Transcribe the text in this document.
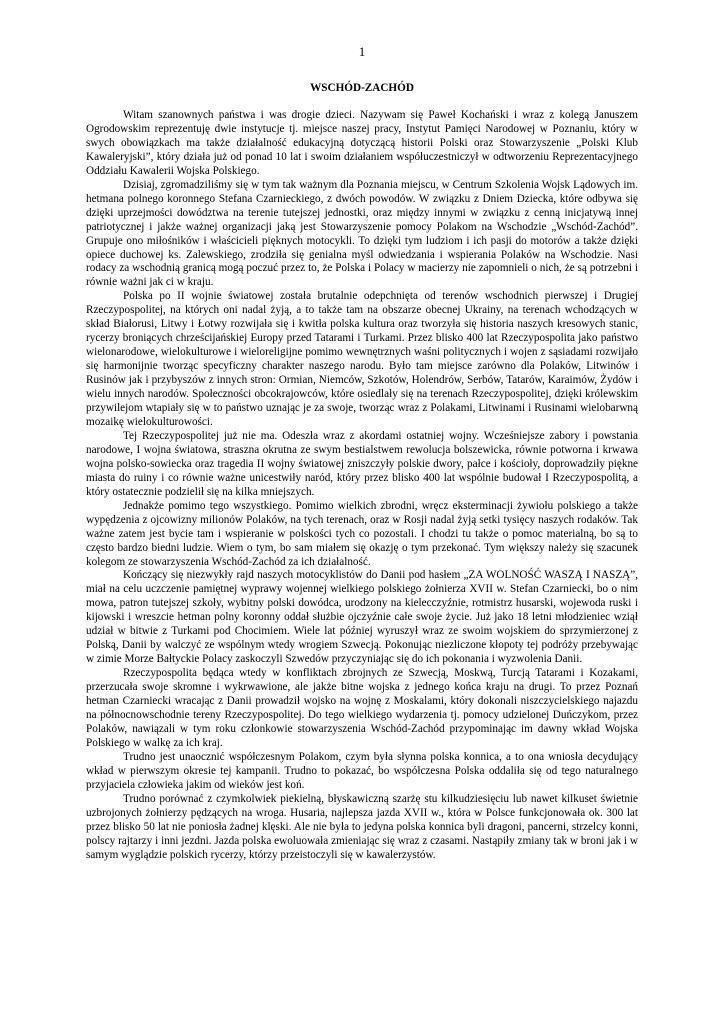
1
WSCHÓD-ZACHÓD

Witam szanownych państwa i was drogie dzieci. Nazywam się Paweł Kochański i wraz z kolegą Januszem Ogrodowskim reprezentuję dwie instytucje tj. miejsce naszej pracy, Instytut Pamięci Narodowej w Poznaniu, który w swych obowiązkach ma także działalność edukacyjną dotyczącą historii Polski oraz Stowarzyszenie „Polski Klub Kawaleryjski”, który działa już od ponad 10 lat i swoim działaniem współuczestniczył w odtworzeniu Reprezentacyjnego Oddziału Kawalerii Wojska Polskiego.

Dzisiaj, zgromadziliśmy się w tym tak ważnym dla Poznania miejscu, w Centrum Szkolenia Wojsk Lądowych im. hetmana polnego koronnego Stefana Czarnieckiego, z dwóch powodów. W związku z Dniem Dziecka, które odbywa się dzięki uprzejmości dowództwa na terenie tutejszej jednostki, oraz między innymi w związku z cenną inicjatywą innej patriotycznej i jakże ważnej organizacji jaką jest Stowarzyszenie pomocy Polakom na Wschodzie „Wschód-Zachód”. Grupuje ono miłośników i właścicieli pięknych motocykli. To dzięki tym ludziom i ich pasji do motorów a także dzięki opiece duchowej ks. Zalewskiego, zrodziła się genialna myśl odwiedzania i wspierania Polaków na Wschodzie. Nasi rodacy za wschodnią granicą mogą poczuć przez to, że Polska i Polacy w macierzy nie zapomnieli o nich, że są potrzebni i równie ważni jak ci w kraju.

Polska po II wojnie światowej została brutalnie odepchnięta od terenów wschodnich pierwszej i Drugiej Rzeczypospolitej, na których oni nadal żyją, a to także tam na obszarze obecnej Ukrainy, na terenach wchodzących w skład Białorusi, Litwy i Łotwy rozwijała się i kwitła polska kultura oraz tworzyła się historia naszych kresowych stanic, rycerzy broniących chrześcijańskiej Europy przed Tatarami i Turkami. Przez blisko 400 lat Rzeczypospolita jako państwo wielonarodowe, wielokulturowe i wieloreligijne pomimo wewnętrznych waśni politycznych i wojen z sąsiadami rozwijało się harmonijnie tworząc specyficzny charakter naszego narodu. Było tam miejsce zarówno dla Polaków, Litwinów i Rusinów jak i przybyszów z innych stron: Ormian, Niemców, Szkotów, Holendrów, Serbów, Tatarów, Karaimów, Żydów i wielu innych narodów. Społeczności obcokrajowców, które osiedlały się na terenach Rzeczypospolitej, dzięki królewskim przywilejom wtapiały się w to państwo uznając je za swoje, tworząc wraz z Polakami, Litwinami i Rusinami wielobarwną mozaikę wielokulturowości.

Tej Rzeczypospolitej już nie ma. Odeszła wraz z akordami ostatniej wojny. Wcześniejsze zabory i powstania narodowe, I wojna światowa, straszna okrutna ze swym bestialstwem rewolucja bolszewicka, równie potworna i krwawa wojna polsko-sowiecka oraz tragedia II wojny światowej zniszczyły polskie dwory, pałce i kościoły, doprowadziły piękne miasta do ruiny i co równie ważne unicestwiły naród, który przez blisko 400 lat wspólnie budował I Rzeczypospolitą, a który ostatecznie podzielił się na kilka mniejszych.

Jednakże pomimo tego wszystkiego. Pomimo wielkich zbrodni, wręcz eksterminacji żywiołu polskiego a także wypędzenia z ojcowizny milionów Polaków, na tych terenach, oraz w Rosji nadal żyją setki tysięcy naszych rodaków. Tak ważne zatem jest bycie tam i wspieranie w polskości tych co pozostali. I chodzi tu także o pomoc materialną, bo są to często bardzo biedni ludzie. Wiem o tym, bo sam miałem się okazję o tym przekonać. Tym większy należy się szacunek kolegom ze stowarzyszenia Wschód-Zachód za ich działalność.

Kończący się niezwykły rajd naszych motocyklistów do Danii pod hasłem „ZA WOLNOŚĆ WASZĄ I NASZĄ”, miał na celu uczczenie pamiętnej wyprawy wojennej wielkiego polskiego żołnierza XVII w. Stefan Czarniecki, bo o nim mowa, patron tutejszej szkoły, wybitny polski dowódca, urodzony na kielecczyźnie, rotmistrz husarski, wojewoda ruski i kijowski i wreszcie hetman polny koronny oddał służbie ojczyźnie całe swoje życie. Już jako 18 letni młodzieniec wziął udział w bitwie z Turkami pod Chocimiem. Wiele lat później wyruszył wraz ze swoim wojskiem do sprzymierzonej z Polską, Danii by walczyć ze wspólnym wtedy wrogiem Szwecją. Pokonując niezliczone kłopoty tej podróży przebywając w zimie Morze Bałtyckie Polacy zaskoczyli Szwedów przyczyniając się do ich pokonania i wyzwolenia Danii.

Rzeczypospolita będąca wtedy w konfliktach zbrojnych ze Szwecją, Moskwą, Turcją Tatarami i Kozakami, przerzucała swoje skromne i wykrwawione, ale jakże bitne wojska z jednego końca kraju na drugi. To przez Poznań hetman Czarniecki wracając z Danii prowadził wojsko na wojnę z Moskalami, który dokonali niszczycielskiego najazdu na północnowschodnie tereny Rzeczypospolitej. Do tego wielkiego wydarzenia tj. pomocy udzielonej Duńczykom, przez Polaków, nawiązali w tym roku członkowie stowarzyszenia Wschód-Zachód przypominając im dawny wkład Wojska Polskiego w walkę za ich kraj.

Trudno jest unaocznić współczesnym Polakom, czym była słynna polska konnica, a to ona wniosła decydujący wkład w pierwszym okresie tej kampanii. Trudno to pokazać, bo współczesna Polska oddaliła się od tego naturalnego przyjaciela człowieka jakim od wieków jest koń.

Trudno porównać z czymkolwiek piekielną, błyskawiczną szarżę stu kilkudziesięciu lub nawet kilkuset świetnie uzbrojonych żołnierzy pędzących na wroga. Husaria, najlepsza jazda XVII w., która w Polsce funkcjonowała ok. 300 lat przez blisko 50 lat nie poniosła żadnej klęski. Ale nie była to jedyna polska konnica byli dragoni, pancerni, strzelcy konni, polscy rajtarzy i inni jezdni. Jazda polska ewoluowała zmieniając się wraz z czasami. Nastąpiły zmiany tak w broni jak i w samym wyglądzie polskich rycerzy, którzy przeistoczyli się w kawalerzystów.
